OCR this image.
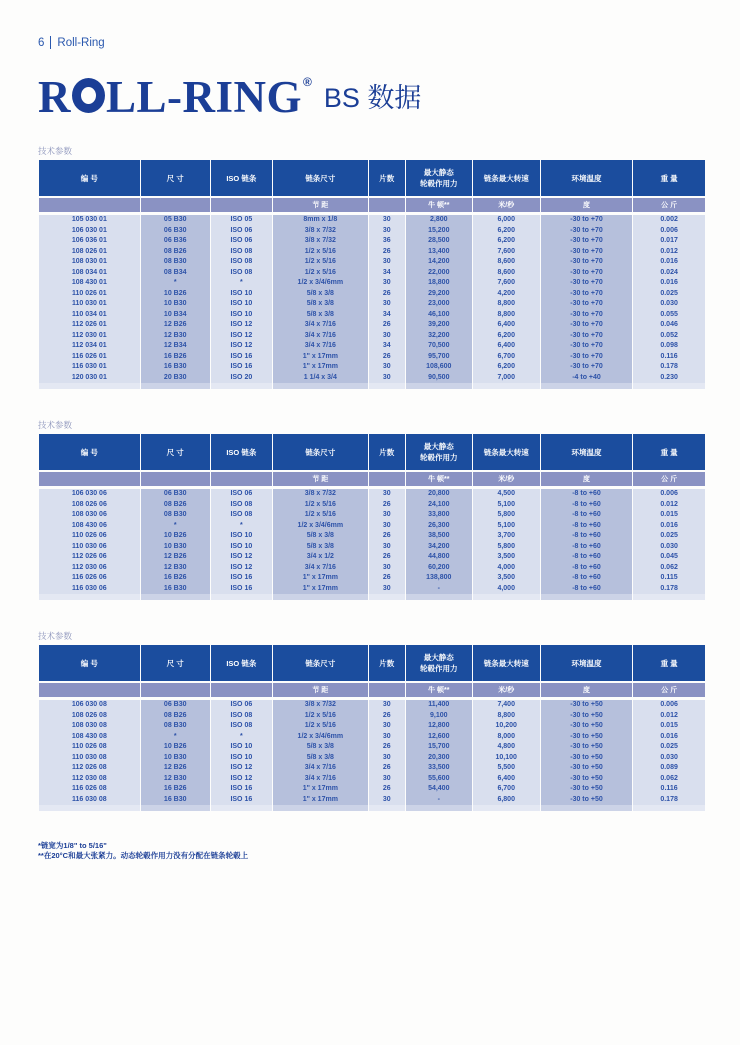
6 Roll-Ring
R LL-RING ®
BS 数据
技术参数
编 号	尺 寸	ISO 链条	链条尺寸	片数	最大静态
轮毂作用力	链条最大转速	环境温度	重 量

			节 距		牛 顿**	米/秒	度	公 斤

105 030 01	05 B30	ISO 05	8mm x 1/8	30	2,800	6,000	-30 to +70	0.002
106 030 01	06 B30	ISO 06	3/8 x 7/32	30	15,200	6,200	-30 to +70	0.006
106 036 01	06 B36	ISO 06	3/8 x 7/32	36	28,500	6,200	-30 to +70	0.017
108 026 01	08 B26	ISO 08	1/2 x 5/16	26	13,400	7,600	-30 to +70	0.012
108 030 01	08 B30	ISO 08	1/2 x 5/16	30	14,200	8,600	-30 to +70	0.016
108 034 01	08 B34	ISO 08	1/2 x 5/16	34	22,000	8,600	-30 to +70	0.024
108 430 01	*	*	1/2 x 3/4/6mm	30	18,800	7,600	-30 to +70	0.016
110 026 01	10 B26	ISO 10	5/8 x 3/8	26	29,200	4,200	-30 to +70	0.025
110 030 01	10 B30	ISO 10	5/8 x 3/8	30	23,000	8,800	-30 to +70	0.030
110 034 01	10 B34	ISO 10	5/8 x 3/8	34	46,100	8,800	-30 to +70	0.055
112 026 01	12 B26	ISO 12	3/4 x 7/16	26	39,200	6,400	-30 to +70	0.046
112 030 01	12 B30	ISO 12	3/4 x 7/16	30	32,200	6,200	-30 to +70	0.052
112 034 01	12 B34	ISO 12	3/4 x 7/16	34	70,500	6,400	-30 to +70	0.098
116 026 01	16 B26	ISO 16	1" x 17mm	26	95,700	6,700	-30 to +70	0.116
116 030 01	16 B30	ISO 16	1" x 17mm	30	108,600	6,200	-30 to +70	0.178
120 030 01	20 B30	ISO 20	1 1/4 x 3/4	30	90,500	7,000	-4 to +40	0.230

技术参数
编 号	尺 寸	ISO 链条	链条尺寸	片数	最大静态
轮毂作用力	链条最大转速	环境温度	重 量

			节 距		牛 顿**	米/秒	度	公 斤

106 030 06	06 B30	ISO 06	3/8 x 7/32	30	20,800	4,500	-8 to +60	0.006
108 026 06	08 B26	ISO 08	1/2 x 5/16	26	24,100	5,100	-8 to +60	0.012
108 030 06	08 B30	ISO 08	1/2 x 5/16	30	33,800	5,800	-8 to +60	0.015
108 430 06	*	*	1/2 x 3/4/6mm	30	26,300	5,100	-8 to +60	0.016
110 026 06	10 B26	ISO 10	5/8 x 3/8	26	38,500	3,700	-8 to +60	0.025
110 030 06	10 B30	ISO 10	5/8 x 3/8	30	34,200	5,800	-8 to +60	0.030
112 026 06	12 B26	ISO 12	3/4 x 1/2	26	44,800	3,500	-8 to +60	0.045
112 030 06	12 B30	ISO 12	3/4 x 7/16	30	60,200	4,000	-8 to +60	0.062
116 026 06	16 B26	ISO 16	1" x 17mm	26	138,800	3,500	-8 to +60	0.115
116 030 06	16 B30	ISO 16	1" x 17mm	30	-	4,000	-8 to +60	0.178

技术参数
编 号	尺 寸	ISO 链条	链条尺寸	片数	最大静态
轮毂作用力	链条最大转速	环境温度	重 量

			节 距		牛 顿**	米/秒	度	公 斤

106 030 08	06 B30	ISO 06	3/8 x 7/32	30	11,400	7,400	-30 to +50	0.006
108 026 08	08 B26	ISO 08	1/2 x 5/16	26	9,100	8,800	-30 to +50	0.012
108 030 08	08 B30	ISO 08	1/2 x 5/16	30	12,800	10,200	-30 to +50	0.015
108 430 08	*	*	1/2 x 3/4/6mm	30	12,600	8,000	-30 to +50	0.016
110 026 08	10 B26	ISO 10	5/8 x 3/8	26	15,700	4,800	-30 to +50	0.025
110 030 08	10 B30	ISO 10	5/8 x 3/8	30	20,300	10,100	-30 to +50	0.030
112 026 08	12 B26	ISO 12	3/4 x 7/16	26	33,500	5,500	-30 to +50	0.089
112 030 08	12 B30	ISO 12	3/4 x 7/16	30	55,600	6,400	-30 to +50	0.062
116 026 08	16 B26	ISO 16	1" x 17mm	26	54,400	6,700	-30 to +50	0.116
116 030 08	16 B30	ISO 16	1" x 17mm	30	-	6,800	-30 to +50	0.178

*链宽为1/8" to 5/16"
**在20°C和最大张紧力。动态轮毂作用力没有分配在链条轮毂上
